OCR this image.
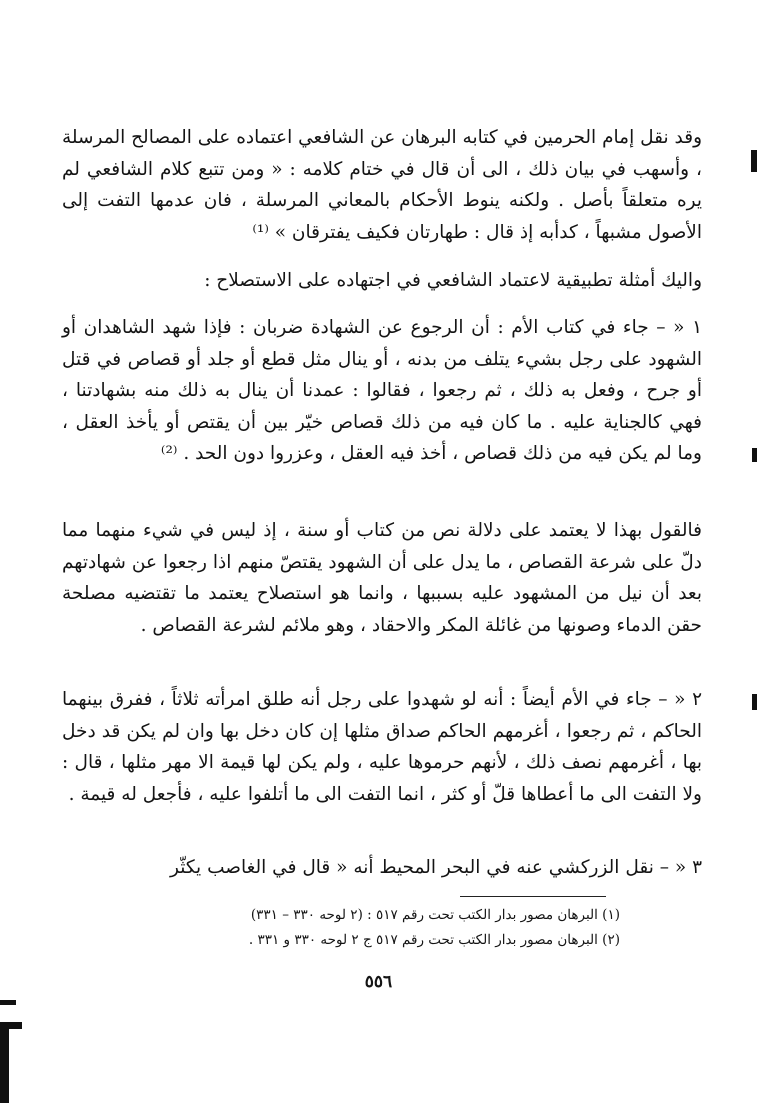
وقد نقل إمام الحرمين في كتابه البرهان عن الشافعي اعتماده على المصالح المرسلة ، وأسهب في بيان ذلك ، الى أن قال في ختام كلامه : « ومن تتبع كلام الشافعي لم يره متعلقاً بأصل . ولكنه ينوط الأحكام بالمعاني المرسلة ، فان عدمها التفت إلى الأصول مشبهاً ، كدأبه إذ قال : طهارتان فكيف يفترقان » ⁽¹⁾

واليك أمثلة تطبيقية لاعتماد الشافعي في اجتهاده على الاستصلاح :

١ « – جاء في كتاب الأم : أن الرجوع عن الشهادة ضربان : فإذا شهد الشاهدان أو الشهود على رجل بشيء يتلف من بدنه ، أو ينال مثل قطع أو جلد أو قصاص في قتل أو جرح ، وفعل به ذلك ، ثم رجعوا ، فقالوا : عمدنا أن ينال به ذلك منه بشهادتنا ، فهي كالجناية عليه . ما كان فيه من ذلك قصاص خيّر بين أن يقتص أو يأخذ العقل ، وما لم يكن فيه من ذلك قصاص ، أخذ فيه العقل ، وعزروا دون الحد . ⁽²⁾

فالقول بهذا لا يعتمد على دلالة نص من كتاب أو سنة ، إذ ليس في شيء منهما مما دلّ على شرعة القصاص ، ما يدل على أن الشهود يقتصّ منهم اذا رجعوا عن شهادتهم بعد أن نيل من المشهود عليه بسببها ، وانما هو استصلاح يعتمد ما تقتضيه مصلحة حقن الدماء وصونها من غائلة المكر والاحقاد ، وهو ملائم لشرعة القصاص .

٢ « – جاء في الأم أيضاً : أنه لو شهدوا على رجل أنه طلق امرأته ثلاثاً ، ففرق بينهما الحاكم ، ثم رجعوا ، أغرمهم الحاكم صداق مثلها إن كان دخل بها وان لم يكن قد دخل بها ، أغرمهم نصف ذلك ، لأنهم حرموها عليه ، ولم يكن لها قيمة الا مهر مثلها ، قال : ولا التفت الى ما أعطاها قلّ أو كثر ، انما التفت الى ما أتلفوا عليه ، فأجعل له قيمة .

٣ « – نقل الزركشي عنه في البحر المحيط أنه « قال في الغاصب يكثّر

(١) البرهان مصور بدار الكتب تحت رقم ٥١٧ : (٢ لوحه ٣٣٠ – ٣٣١)

(٢) البرهان مصور بدار الكتب تحت رقم ٥١٧ ج ٢ لوحه ٣٣٠ و ٣٣١ .

٥٥٦
